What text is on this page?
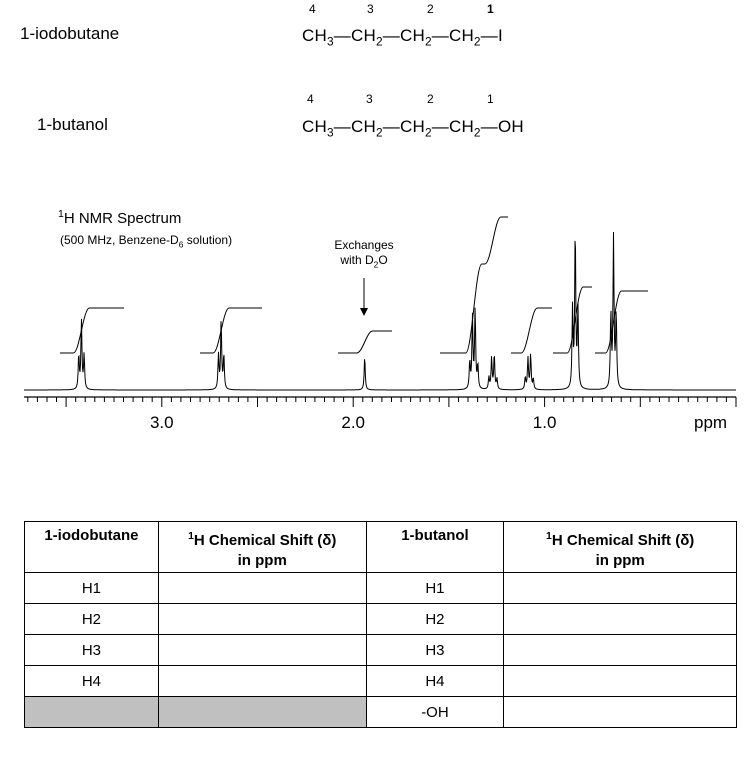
1-iodobutane
4	3	2	1
$CH_3—CH_2—CH_2—CH_2—I$
1-butanol
4	3	2	1
$CH_3—CH_2—CH_2—CH_2—OH$
$^1$H NMR Spectrum
(500 MHz, Benzene-$D_6$ solution)	Exchanges
with $D_2O$
3.0	2.0	1.0	ppm
1-iodobutane	$^1$H Chemical Shift (δ)
in ppm	1-butanol	$^1$H Chemical Shift (δ)
in ppm
H1		H1	
H2		H2	
H3		H3	
H4		H4	
		-OH	
